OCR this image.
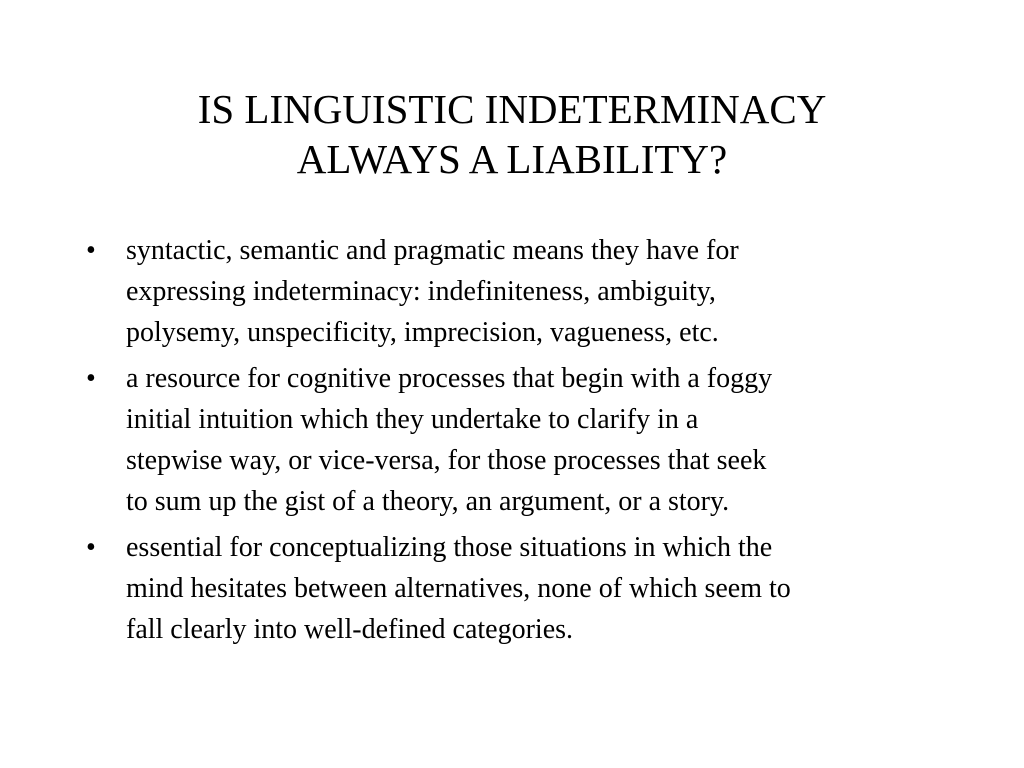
IS LINGUISTIC INDETERMINACY
ALWAYS A LIABILITY?
• syntactic, semantic and pragmatic means they have for
expressing indeterminacy: indefiniteness, ambiguity,
polysemy, unspecificity, imprecision, vagueness, etc.
• a resource for cognitive processes that begin with a foggy
initial intuition which they undertake to clarify in a
stepwise way, or vice-versa, for those processes that seek
to sum up the gist of a theory, an argument, or a story.
• essential for conceptualizing those situations in which the
mind hesitates between alternatives, none of which seem to
fall clearly into well-defined categories.
